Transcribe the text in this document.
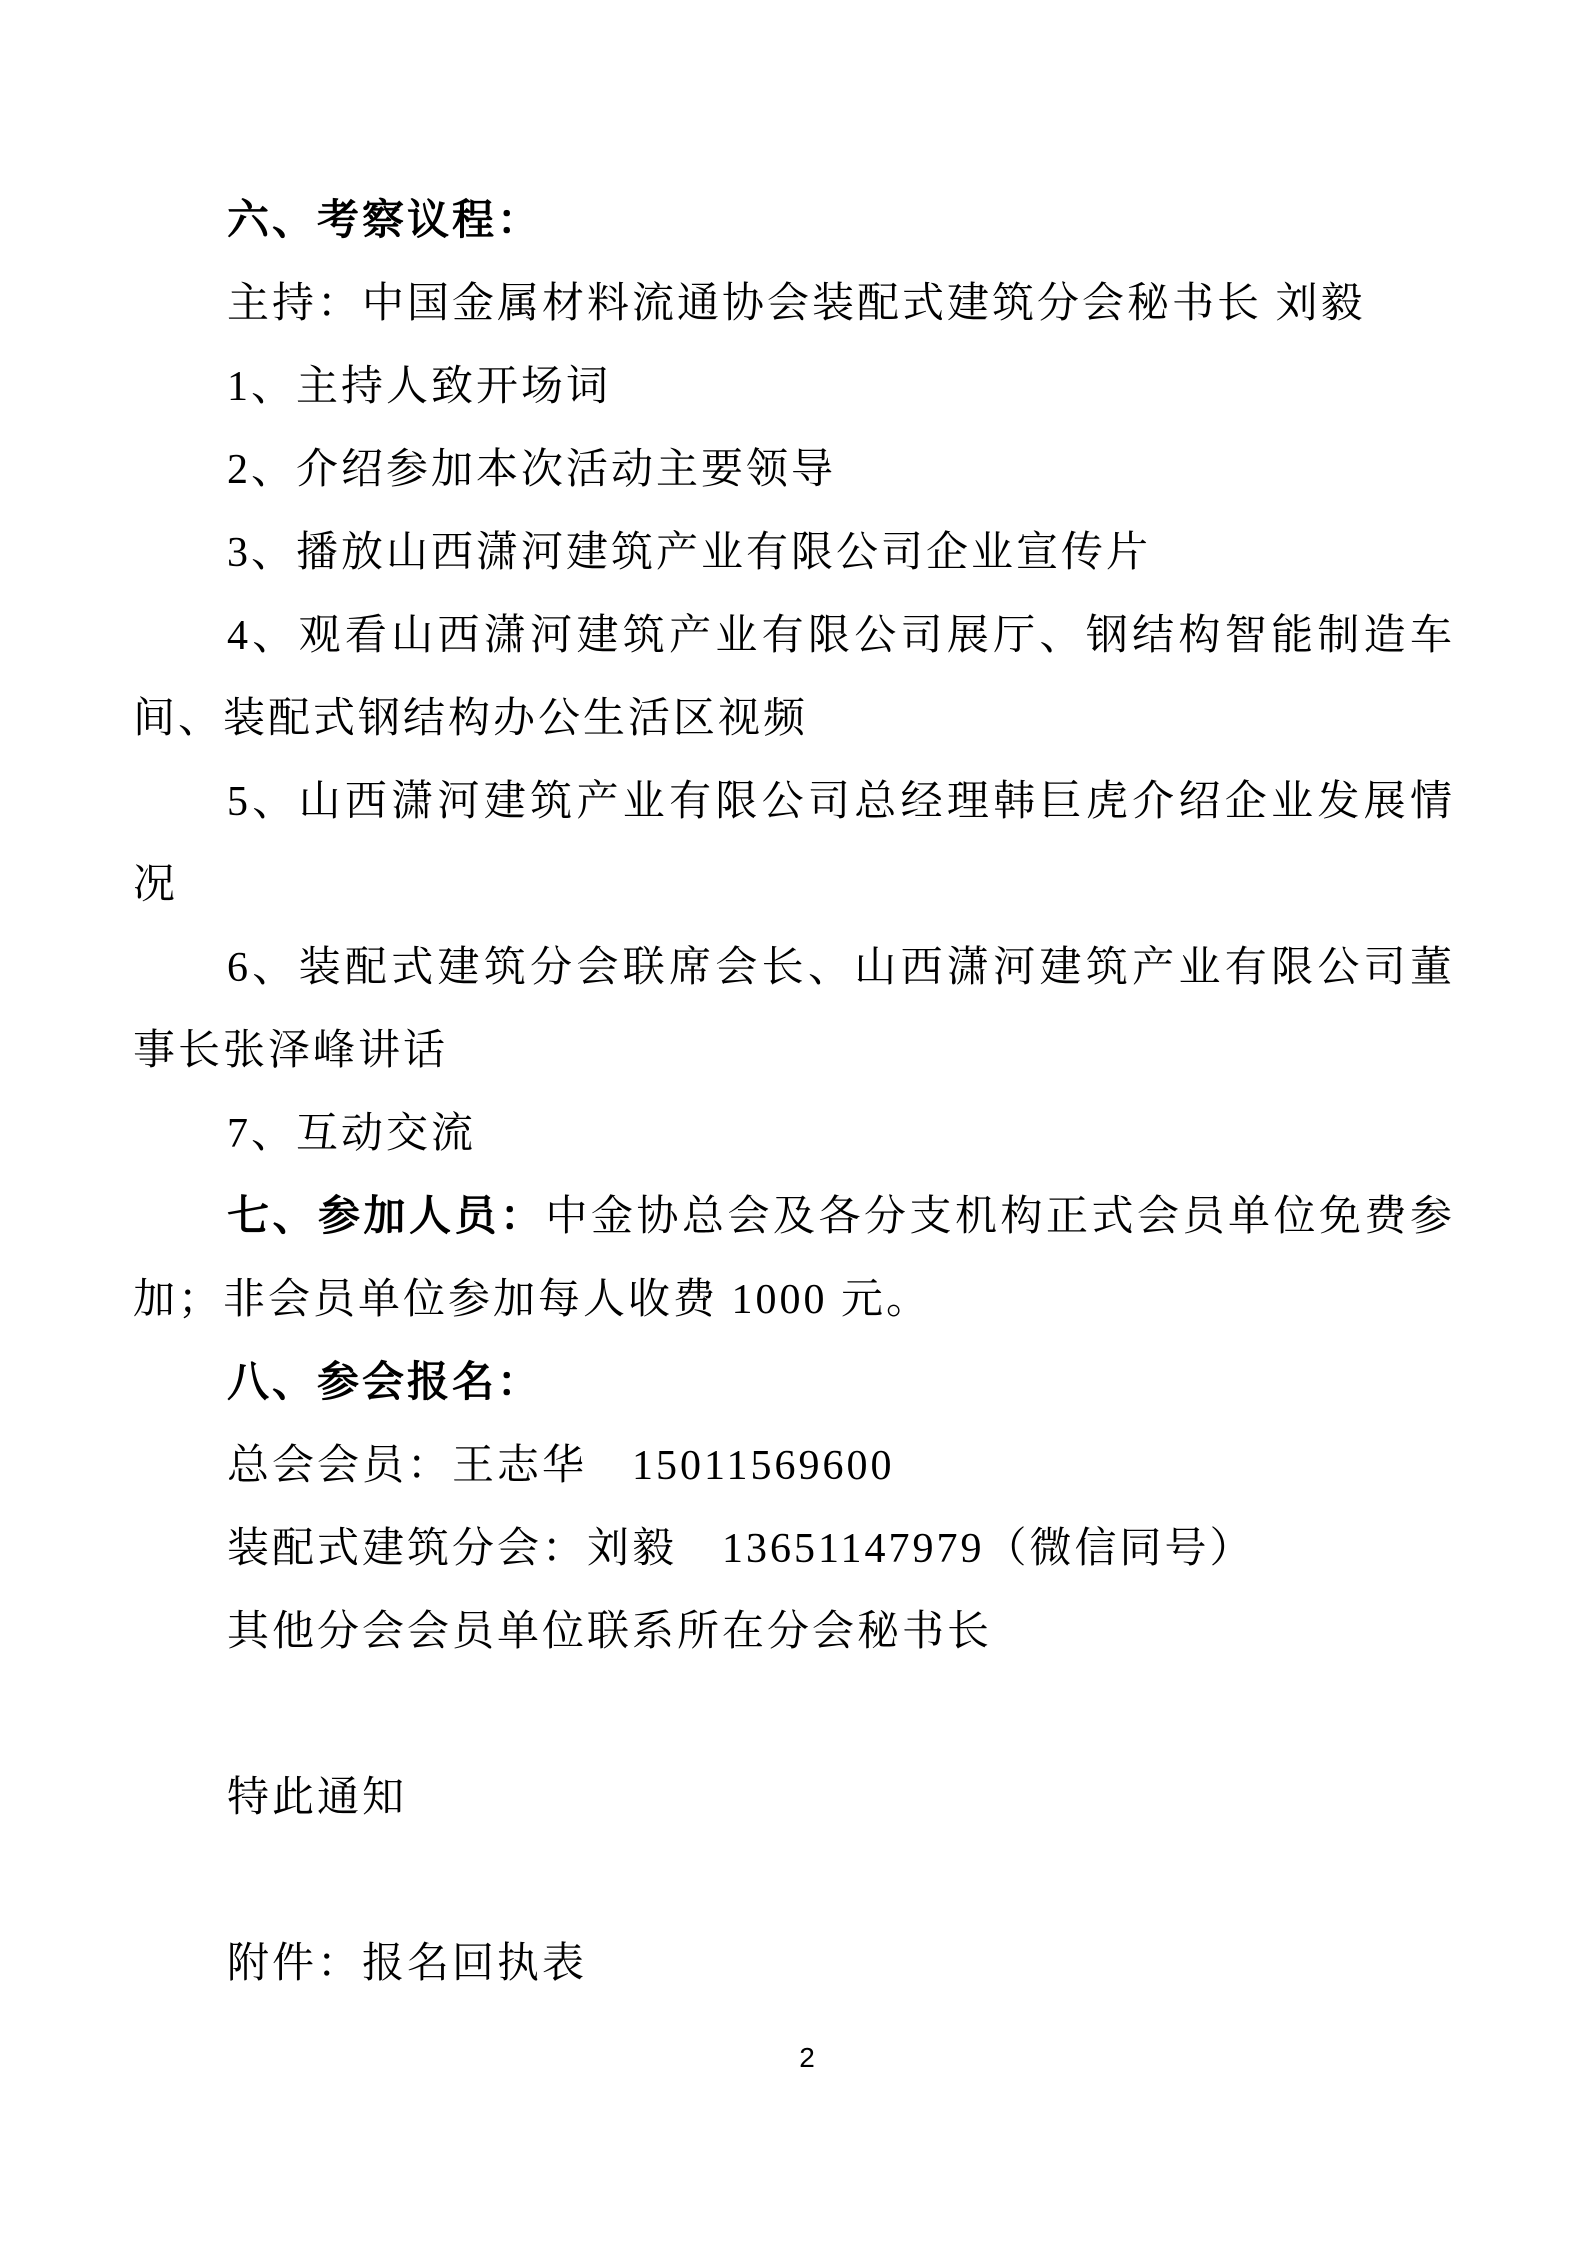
六、考察议程：

主持：中国金属材料流通协会装配式建筑分会秘书长 刘毅

1、主持人致开场词

2、介绍参加本次活动主要领导

3、播放山西潇河建筑产业有限公司企业宣传片

4、观看山西潇河建筑产业有限公司展厅、钢结构智能制造车间、装配式钢结构办公生活区视频

5、山西潇河建筑产业有限公司总经理韩巨虎介绍企业发展情况

6、装配式建筑分会联席会长、山西潇河建筑产业有限公司董事长张泽峰讲话

7、互动交流

七、参加人员：中金协总会及各分支机构正式会员单位免费参加；非会员单位参加每人收费 1000 元。

八、参会报名：

总会会员：王志华　15011569600

装配式建筑分会：刘毅　13651147979（微信同号）

其他分会会员单位联系所在分会秘书长

特此通知

附件：报名回执表

2
